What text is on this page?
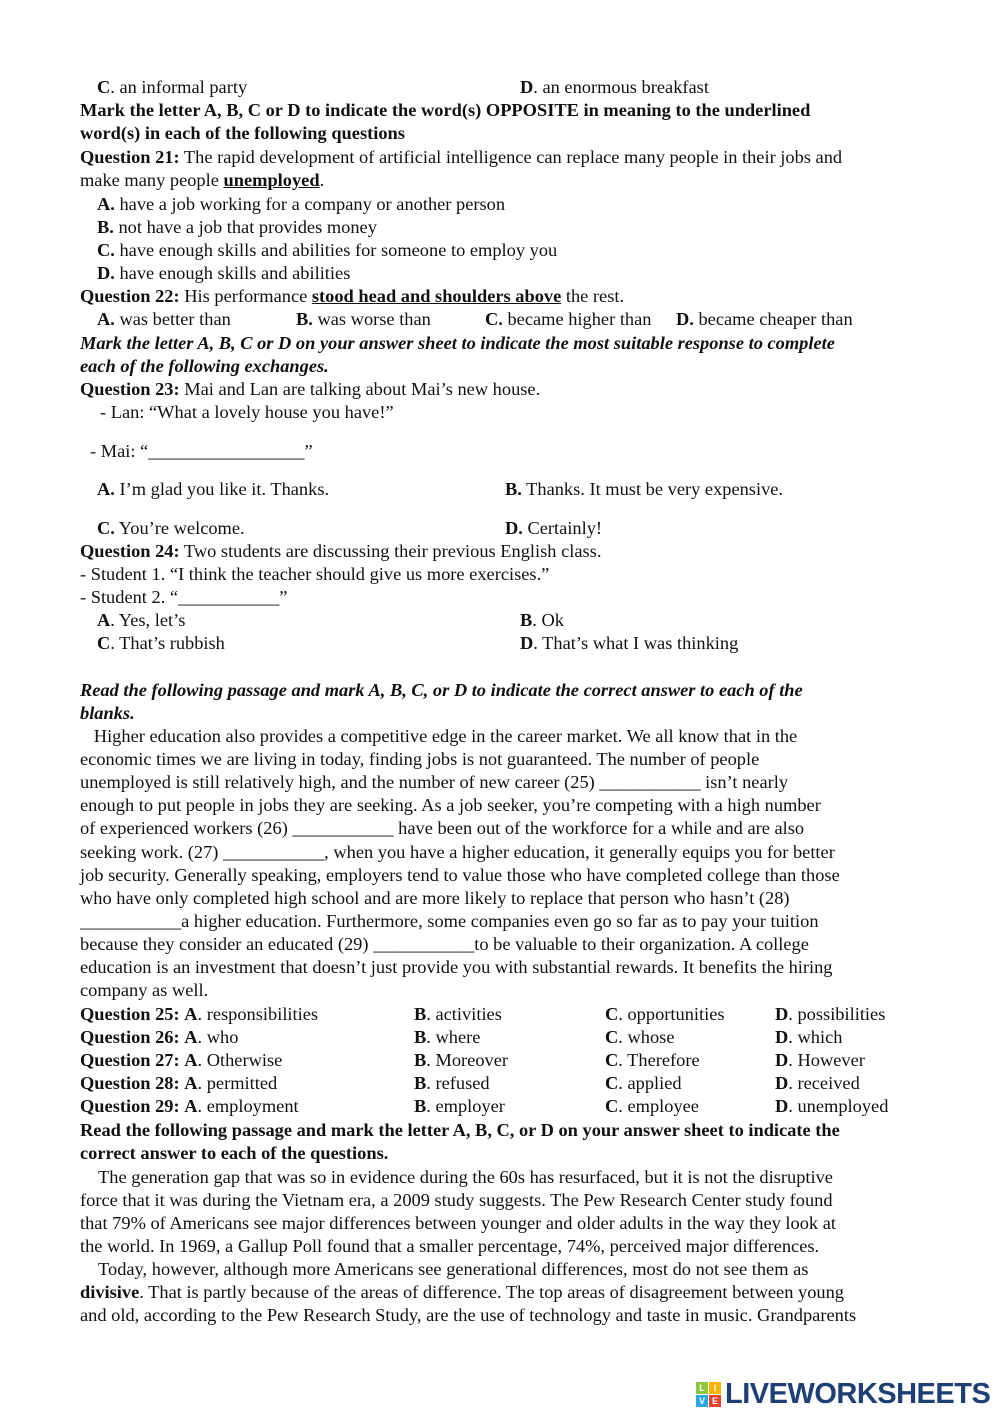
C. an informal party	D. an enormous breakfast
Mark the letter A, B, C or D to indicate the word(s) OPPOSITE in meaning to the underlined
word(s) in each of the following questions
Question 21: The rapid development of artificial intelligence can replace many people in their jobs and
make many people unemployed.
A. have a job working for a company or another person
B. not have a job that provides money
C. have enough skills and abilities for someone to employ you
D. have enough skills and abilities
Question 22: His performance stood head and shoulders above the rest.
A. was better than	B. was worse than	C. became higher than D. became cheaper than
Mark the letter A, B, C or D on your answer sheet to indicate the most suitable response to complete
each of the following exchanges.
Question 23: Mai and Lan are talking about Mai’s new house.
- Lan: “What a lovely house you have!”
- Mai: “_________________”
A. I’m glad you like it. Thanks.	B. Thanks. It must be very expensive.
C. You’re welcome.	D. Certainly!
Question 24: Two students are discussing their previous English class.
- Student 1. “I think the teacher should give us more exercises.”
- Student 2. “___________”
A. Yes, let’s	B. Ok
C. That’s rubbish	D. That’s what I was thinking
Read the following passage and mark A, B, C, or D to indicate the correct answer to each of the
blanks.
Read the following passage and mark the letter A, B, C, or D on your answer sheet to indicate the
correct answer to each of the questions.
divisive. That is partly because of the areas of difference. The top areas of disagreement between young
and old, according to the Pew Research Study, are the use of technology and taste in music. Grandparents
L I
V E LIVEWORKSHEETS
Higher education also provides a competitive edge in the career market. We all know that in the
economic times we are living in today, finding jobs is not guaranteed. The number of people
unemployed is still relatively high, and the number of new career (25) ___________ isn’t nearly
enough to put people in jobs they are seeking. As a job seeker, you’re competing with a high number
of experienced workers (26) ___________ have been out of the workforce for a while and are also
seeking work. (27) ___________, when you have a higher education, it generally equips you for better
job security. Generally speaking, employers tend to value those who have completed college than those
who have only completed high school and are more likely to replace that person who hasn’t (28)
___________a higher education. Furthermore, some companies even go so far as to pay your tuition
because they consider an educated (29) ___________to be valuable to their organization. A college
education is an investment that doesn’t just provide you with substantial rewards. It benefits the hiring
company as well.
Question 25: A. responsibilities	B. activities	C. opportunities	D. possibilities
Question 26: A. who	B. where	C. whose	D. which
Question 27: A. Otherwise	B. Moreover	C. Therefore	D. However
Question 28: A. permitted	B. refused	C. applied	D. received
Question 29: A. employment	B. employer	C. employee	D. unemployed
The generation gap that was so in evidence during the 60s has resurfaced, but it is not the disruptive
force that it was during the Vietnam era, a 2009 study suggests. The Pew Research Center study found
that 79% of Americans see major differences between younger and older adults in the way they look at
the world. In 1969, a Gallup Poll found that a smaller percentage, 74%, perceived major differences.
Today, however, although more Americans see generational differences, most do not see them as
